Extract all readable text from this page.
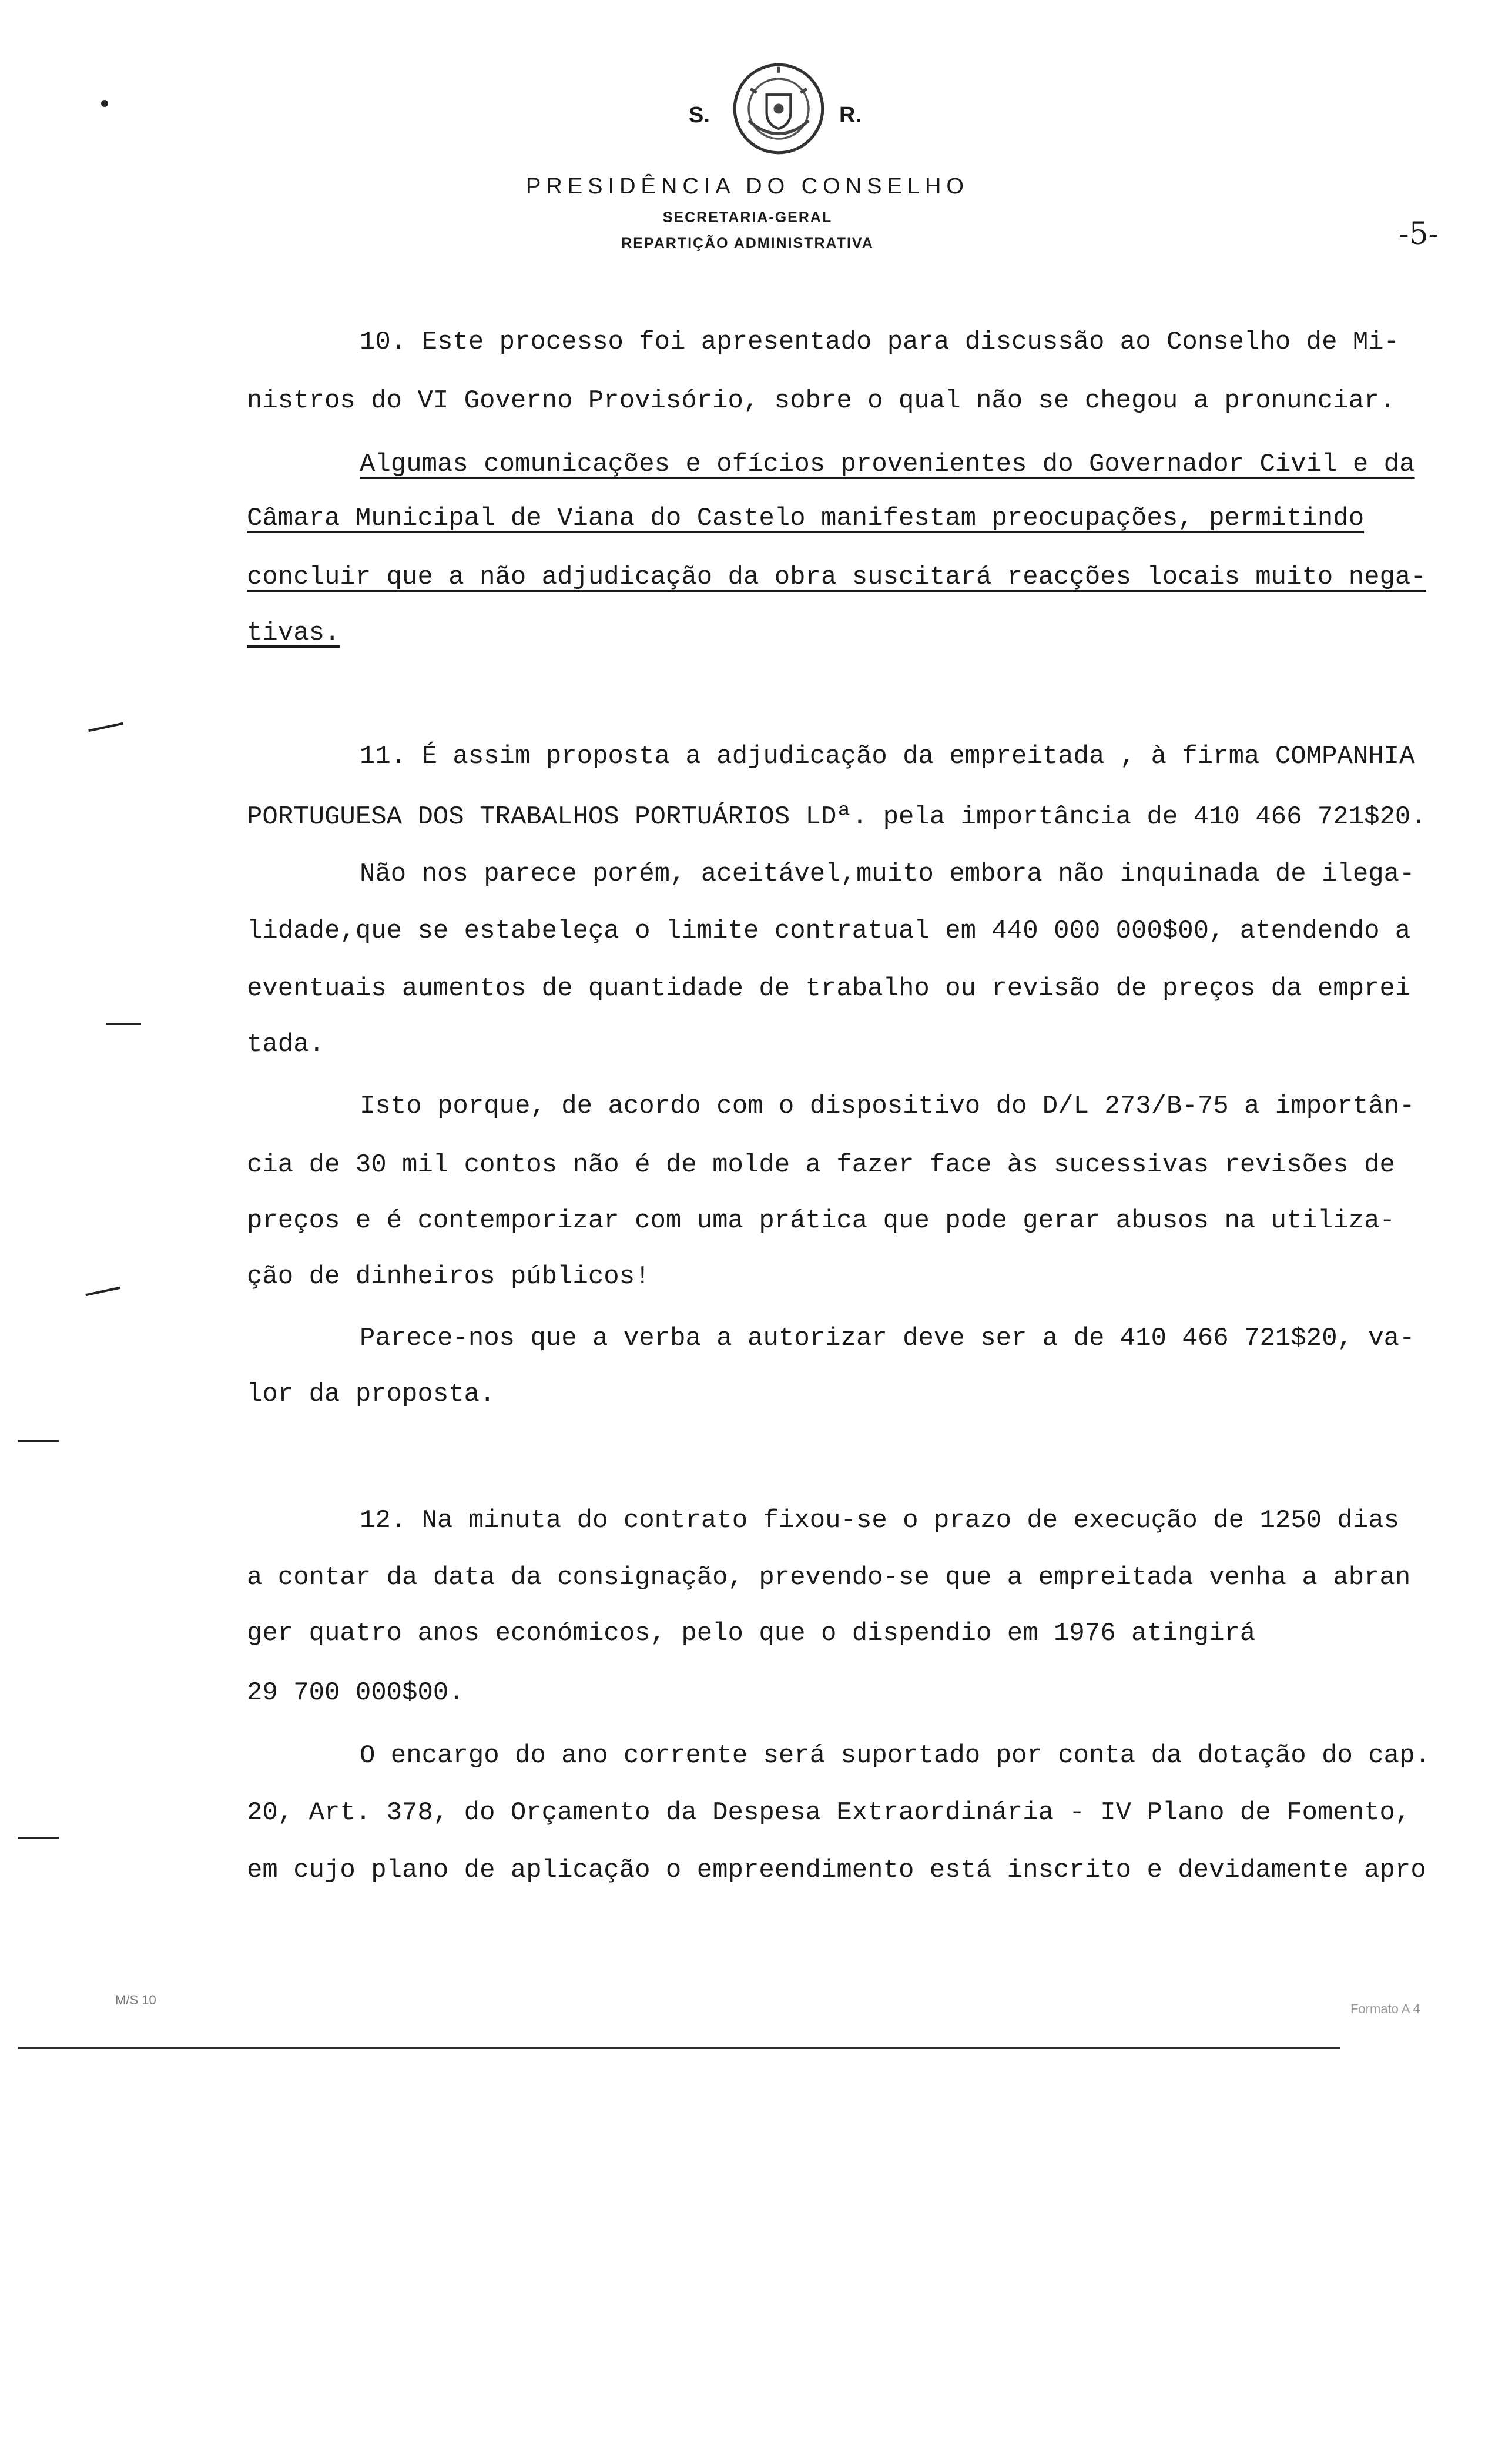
S.	R.
PRESIDÊNCIA DO CONSELHO
SECRETARIA-GERAL
REPARTIÇÃO ADMINISTRATIVA	-5-
10. Este processo foi apresentado para discussão ao Conselho de Mi-
nistros do VI Governo Provisório, sobre o qual não se chegou a pronunciar.
Algumas comunicações e ofícios provenientes do Governador Civil e da
Câmara Municipal de Viana do Castelo manifestam preocupações, permitindo
concluir que a não adjudicação da obra suscitará reacções locais muito nega-
tivas.
11. É assim proposta a adjudicação da empreitada , à firma COMPANHIA
PORTUGUESA DOS TRABALHOS PORTUÁRIOS LDª. pela importância de 410 466 721$20.
Não nos parece porém, aceitável,muito embora não inquinada de ilega-
lidade,que se estabeleça o limite contratual em 440 000 000$00, atendendo a
eventuais aumentos de quantidade de trabalho ou revisão de preços da emprei
tada.
Isto porque, de acordo com o dispositivo do D/L 273/B-75 a importân-
cia de 30 mil contos não é de molde a fazer face às sucessivas revisões de
preços e é contemporizar com uma prática que pode gerar abusos na utiliza-
ção de dinheiros públicos!
Parece-nos que a verba a autorizar deve ser a de 410 466 721$20, va-
lor da proposta.
12. Na minuta do contrato fixou-se o prazo de execução de 1250 dias
a contar da data da consignação, prevendo-se que a empreitada venha a abran
ger quatro anos económicos, pelo que o dispendio em 1976 atingirá
29 700 000$00.
O encargo do ano corrente será suportado por conta da dotação do cap.
20, Art. 378, do Orçamento da Despesa Extraordinária - IV Plano de Fomento,
em cujo plano de aplicação o empreendimento está inscrito e devidamente apro
M/S 10
Formato A 4
